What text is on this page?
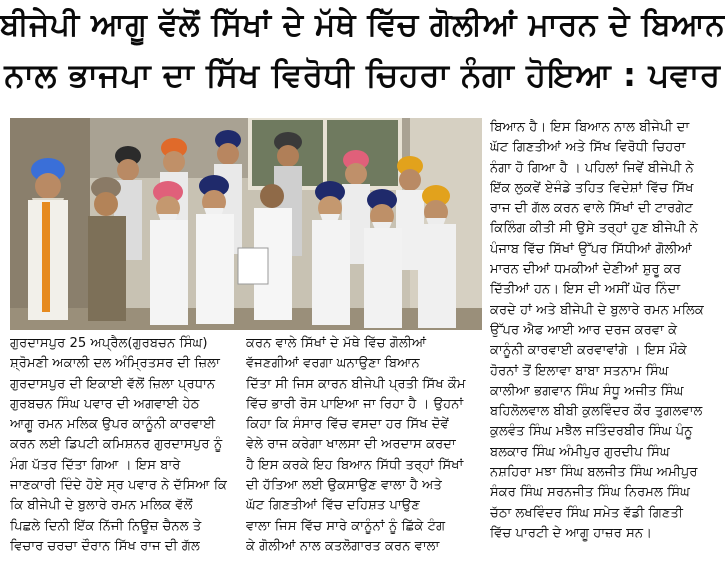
ਬੀਜੇਪੀ ਆਗੂ ਵੱਲੋਂ ਸਿੱਖਾਂ ਦੇ ਮੱਥੇ ਵਿੱਚ ਗੋਲੀਆਂ ਮਾਰਨ ਦੇ ਬਿਆਨ
ਨਾਲ ਭਾਜਪਾ ਦਾ ਸਿੱਖ ਵਿਰੋਧੀ ਚਿਹਰਾ ਨੰਗਾ ਹੋਇਆ : ਪਵਾਰ

ਗੁਰਦਾਸਪੁਰ 25 ਅਪ੍ਰੈਲ(ਗੁਰਬਚਨ ਸਿੰਘ)

ਸ਼੍ਰੋਮਣੀ ਅਕਾਲੀ ਦਲ ਅੰਮ੍ਰਿਤਸਰ ਦੀ ਜ਼ਿਲਾ

ਗੁਰਦਾਸਪੁਰ ਦੀ ਇਕਾਈ ਵੱਲੋਂ ਜ਼ਿਲਾ ਪ੍ਰਧਾਨ

ਗੁਰਬਚਨ ਸਿੰਘ ਪਵਾਰ ਦੀ ਅਗਵਾਈ ਹੇਠ

ਆਗੂ ਰਮਨ ਮਲਿਕ ਉਪਰ ਕਾਨੂੰਨੀ ਕਾਰਵਾਈ

ਕਰਨ ਲਈ ਡਿਪਟੀ ਕਮਿਸ਼ਨਰ ਗੁਰਦਾਸਪੁਰ ਨੂੰ

ਮੰਗ ਪੱਤਰ ਦਿੱਤਾ ਗਿਆ । ਇਸ ਬਾਰੇ

ਜਾਣਕਾਰੀ ਦਿੰਦੇ ਹੋਏ ਸ੍ਰ ਪਵਾਰ ਨੇ ਦੱਸਿਆ ਕਿ

ਕਿ ਬੀਜੇਪੀ ਦੇ ਬੁਲਾਰੇ ਰਮਨ ਮਲਿਕ ਵੱਲੋਂ

ਪਿਛਲੇ ਦਿਨੀ ਇੱਕ ਨਿੱਜੀ ਨਿਊਜ਼ ਚੈਨਲ ਤੇ

ਵਿਚਾਰ ਚਰਚਾ ਦੌਰਾਨ ਸਿੱਖ ਰਾਜ ਦੀ ਗੱਲ

ਕਰਨ ਵਾਲੇ ਸਿੱਖਾਂ ਦੇ ਮੱਥੇ ਵਿੱਚ ਗੋਲੀਆਂ

ਵੱਜਣਗੀਆਂ ਵਰਗਾ ਘਨਾਉਣਾ ਬਿਆਨ

ਦਿੱਤਾ ਸੀ ਜਿਸ ਕਾਰਨ ਬੀਜੇਪੀ ਪ੍ਰਤੀ ਸਿੱਖ ਕੌਮ

ਵਿੱਚ ਭਾਰੀ ਰੋਸ ਪਾਇਆ ਜਾ ਰਿਹਾ ਹੈ । ਉਹਨਾਂ

ਕਿਹਾ ਕਿ ਸੰਸਾਰ ਵਿੱਚ ਵਸਦਾ ਹਰ ਸਿੱਖ ਦੋਵੇਂ

ਵੇਲੇ ਰਾਜ ਕਰੇਗਾ ਖਾਲਸਾ ਦੀ ਅਰਦਾਸ ਕਰਦਾ

ਹੈ ਇਸ ਕਰਕੇ ਇਹ ਬਿਆਨ ਸਿੱਧੀ ਤਰ੍ਹਾਂ ਸਿੱਖਾਂ

ਦੀ ਹੱਤਿਆ ਲਈ ਉਕਸਾਉਣ ਵਾਲਾ ਹੈ ਅਤੇ

ਘੱਟ ਗਿਣਤੀਆਂ ਵਿੱਚ ਦਹਿਸ਼ਤ ਪਾਉਣ

ਵਾਲਾ ਜਿਸ ਵਿੱਚ ਸਾਰੇ ਕਾਨੂੰਨਾਂ ਨੂੰ ਛਿੱਕੇ ਟੰਗ

ਕੇ ਗੋਲੀਆਂ ਨਾਲ ਕਤਲੋਗਾਰਤ ਕਰਨ ਵਾਲਾ

ਬਿਆਨ ਹੈ। ਇਸ ਬਿਆਨ ਨਾਲ ਬੀਜੇਪੀ ਦਾ

ਘੱਟ ਗਿਣਤੀਆਂ ਅਤੇ ਸਿੱਖ ਵਿਰੋਧੀ ਚਿਹਰਾ

ਨੰਗਾ ਹੋ ਗਿਆ ਹੈ । ਪਹਿਲਾਂ ਜਿਵੇਂ ਬੀਜੇਪੀ ਨੇ

ਇੱਕ ਲੁਕਵੇਂ ਏਜੰਡੇ ਤਹਿਤ ਵਿਦੇਸ਼ਾਂ ਵਿੱਚ ਸਿੱਖ

ਰਾਜ ਦੀ ਗੱਲ ਕਰਨ ਵਾਲੇ ਸਿੱਖਾਂ ਦੀ ਟਾਰਗੇਟ

ਕਿਲਿੰਗ ਕੀਤੀ ਸੀ ਉਸੇ ਤਰ੍ਹਾਂ ਹੁਣ ਬੀਜੇਪੀ ਨੇ

ਪੰਜਾਬ ਵਿੱਚ ਸਿੱਖਾਂ ਉੱਪਰ ਸਿੱਧੀਆਂ ਗੋਲੀਆਂ

ਮਾਰਨ ਦੀਆਂ ਧਮਕੀਆਂ ਦੇਣੀਆਂ ਸ਼ੁਰੂ ਕਰ

ਦਿੱਤੀਆਂ ਹਨ। ਇਸ ਦੀ ਅਸੀਂ ਘੋਰ ਨਿੰਦਾ

ਕਰਦੇ ਹਾਂ ਅਤੇ ਬੀਜੇਪੀ ਦੇ ਬੁਲਾਰੇ ਰਮਨ ਮਲਿਕ

ਉੱਪਰ ਐਫ ਆਈ ਆਰ ਦਰਜ ਕਰਵਾ ਕੇ

ਕਾਨੂੰਨੀ ਕਾਰਵਾਈ ਕਰਵਾਵਾਂਗੇ । ਇਸ ਮੌਕੇ

ਹੋਰਨਾਂ ਤੋਂ ਇਲਾਵਾ ਬਾਬਾ ਸਤਨਾਮ ਸਿੰਘ

ਕਾਲੀਆ ਭਗਵਾਨ ਸਿੰਘ ਸੰਧੂ ਅਜੀਤ ਸਿੰਘ

ਬਹਿਲੋਲਵਾਲ ਬੀਬੀ ਕੁਲਵਿੰਦਰ ਕੌਰ ਤੁਗਲਵਾਲ

ਕੁਲਵੰਤ ਸਿੰਘ ਮਝੈਲ ਜਤਿੰਦਰਬੀਰ ਸਿੰਘ ਪੰਨੂ

ਬਲਕਾਰ ਸਿੰਘ ਅੰਮੀਪੁਰ ਗੁਰਦੀਪ ਸਿੰਘ

ਨਸ਼ਹਿਰਾ ਮਝਾ ਸਿੰਘ ਬਲਜੀਤ ਸਿੰਘ ਅਮੀਪੁਰ

ਸੰਕਰ ਸਿੰਘ ਸਰਨਜੀਤ ਸਿੰਘ ਨਿਰਮਲ ਸਿੰਘ

ਚੱਠਾ ਲਖਵਿੰਦਰ ਸਿੰਘ ਸਮੇਤ ਵੱਡੀ ਗਿਣਤੀ

ਵਿੱਚ ਪਾਰਟੀ ਦੇ ਆਗੂ ਹਾਜ਼ਰ ਸਨ।
